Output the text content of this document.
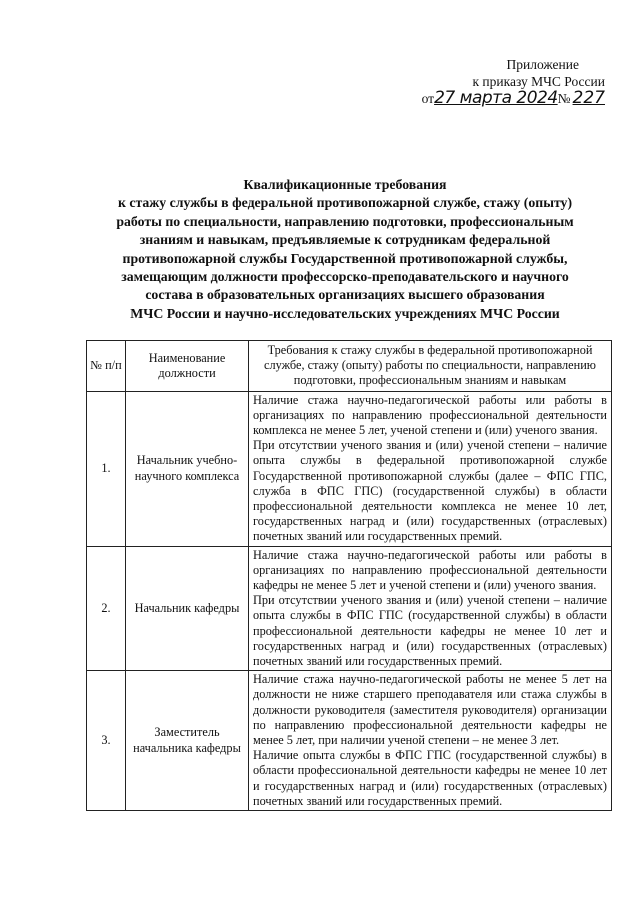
Приложение
к приказу МЧС России
от27 марта 2024№ 227
Квалификационные требования
к стажу службы в федеральной противопожарной службе, стажу (опыту)
работы по специальности, направлению подготовки, профессиональным
знаниям и навыкам, предъявляемые к сотрудникам федеральной
противопожарной службы Государственной противопожарной службы,
замещающим должности профессорско-преподавательского и научного
состава в образовательных организациях высшего образования
МЧС России и научно-исследовательских учреждениях МЧС России
№ п/п	Наименование должности	Требования к стажу службы в федеральной противопожарной службе, стажу (опыту) работы по специальности, направлению подготовки, профессиональным знаниям и навыкам
1.	Начальник учебно-научного комплекса	Наличие стажа научно-педагогической работы или работы в организациях по направлению профессиональной деятельности комплекса не менее 5 лет, ученой степени и (или) ученого звания.

При отсутствии ученого звания и (или) ученой степени – наличие опыта службы в федеральной противопожарной службе Государственной противопожарной службы (далее – ФПС ГПС, служба в ФПС ГПС) (государственной службы) в области профессиональной деятельности комплекса не менее 10 лет, государственных наград и (или) государственных (отраслевых) почетных званий или государственных премий.

2.	Начальник кафедры	Наличие стажа научно-педагогической работы или работы в организациях по направлению профессиональной деятельности кафедры не менее 5 лет и ученой степени и (или) ученого звания.

При отсутствии ученого звания и (или) ученой степени – наличие опыта службы в ФПС ГПС (государственной службы) в области профессиональной деятельности кафедры не менее 10 лет и государственных наград и (или) государственных (отраслевых) почетных званий или государственных премий.

3.	Заместитель начальника кафедры	Наличие стажа научно-педагогической работы не менее 5 лет на должности не ниже старшего преподавателя или стажа службы в должности руководителя (заместителя руководителя) организации по направлению профессиональной деятельности кафедры не менее 5 лет, при наличии ученой степени – не менее 3 лет.

Наличие опыта службы в ФПС ГПС (государственной службы) в области профессиональной деятельности кафедры не менее 10 лет и государственных наград и (или) государственных (отраслевых) почетных званий или государственных премий.
